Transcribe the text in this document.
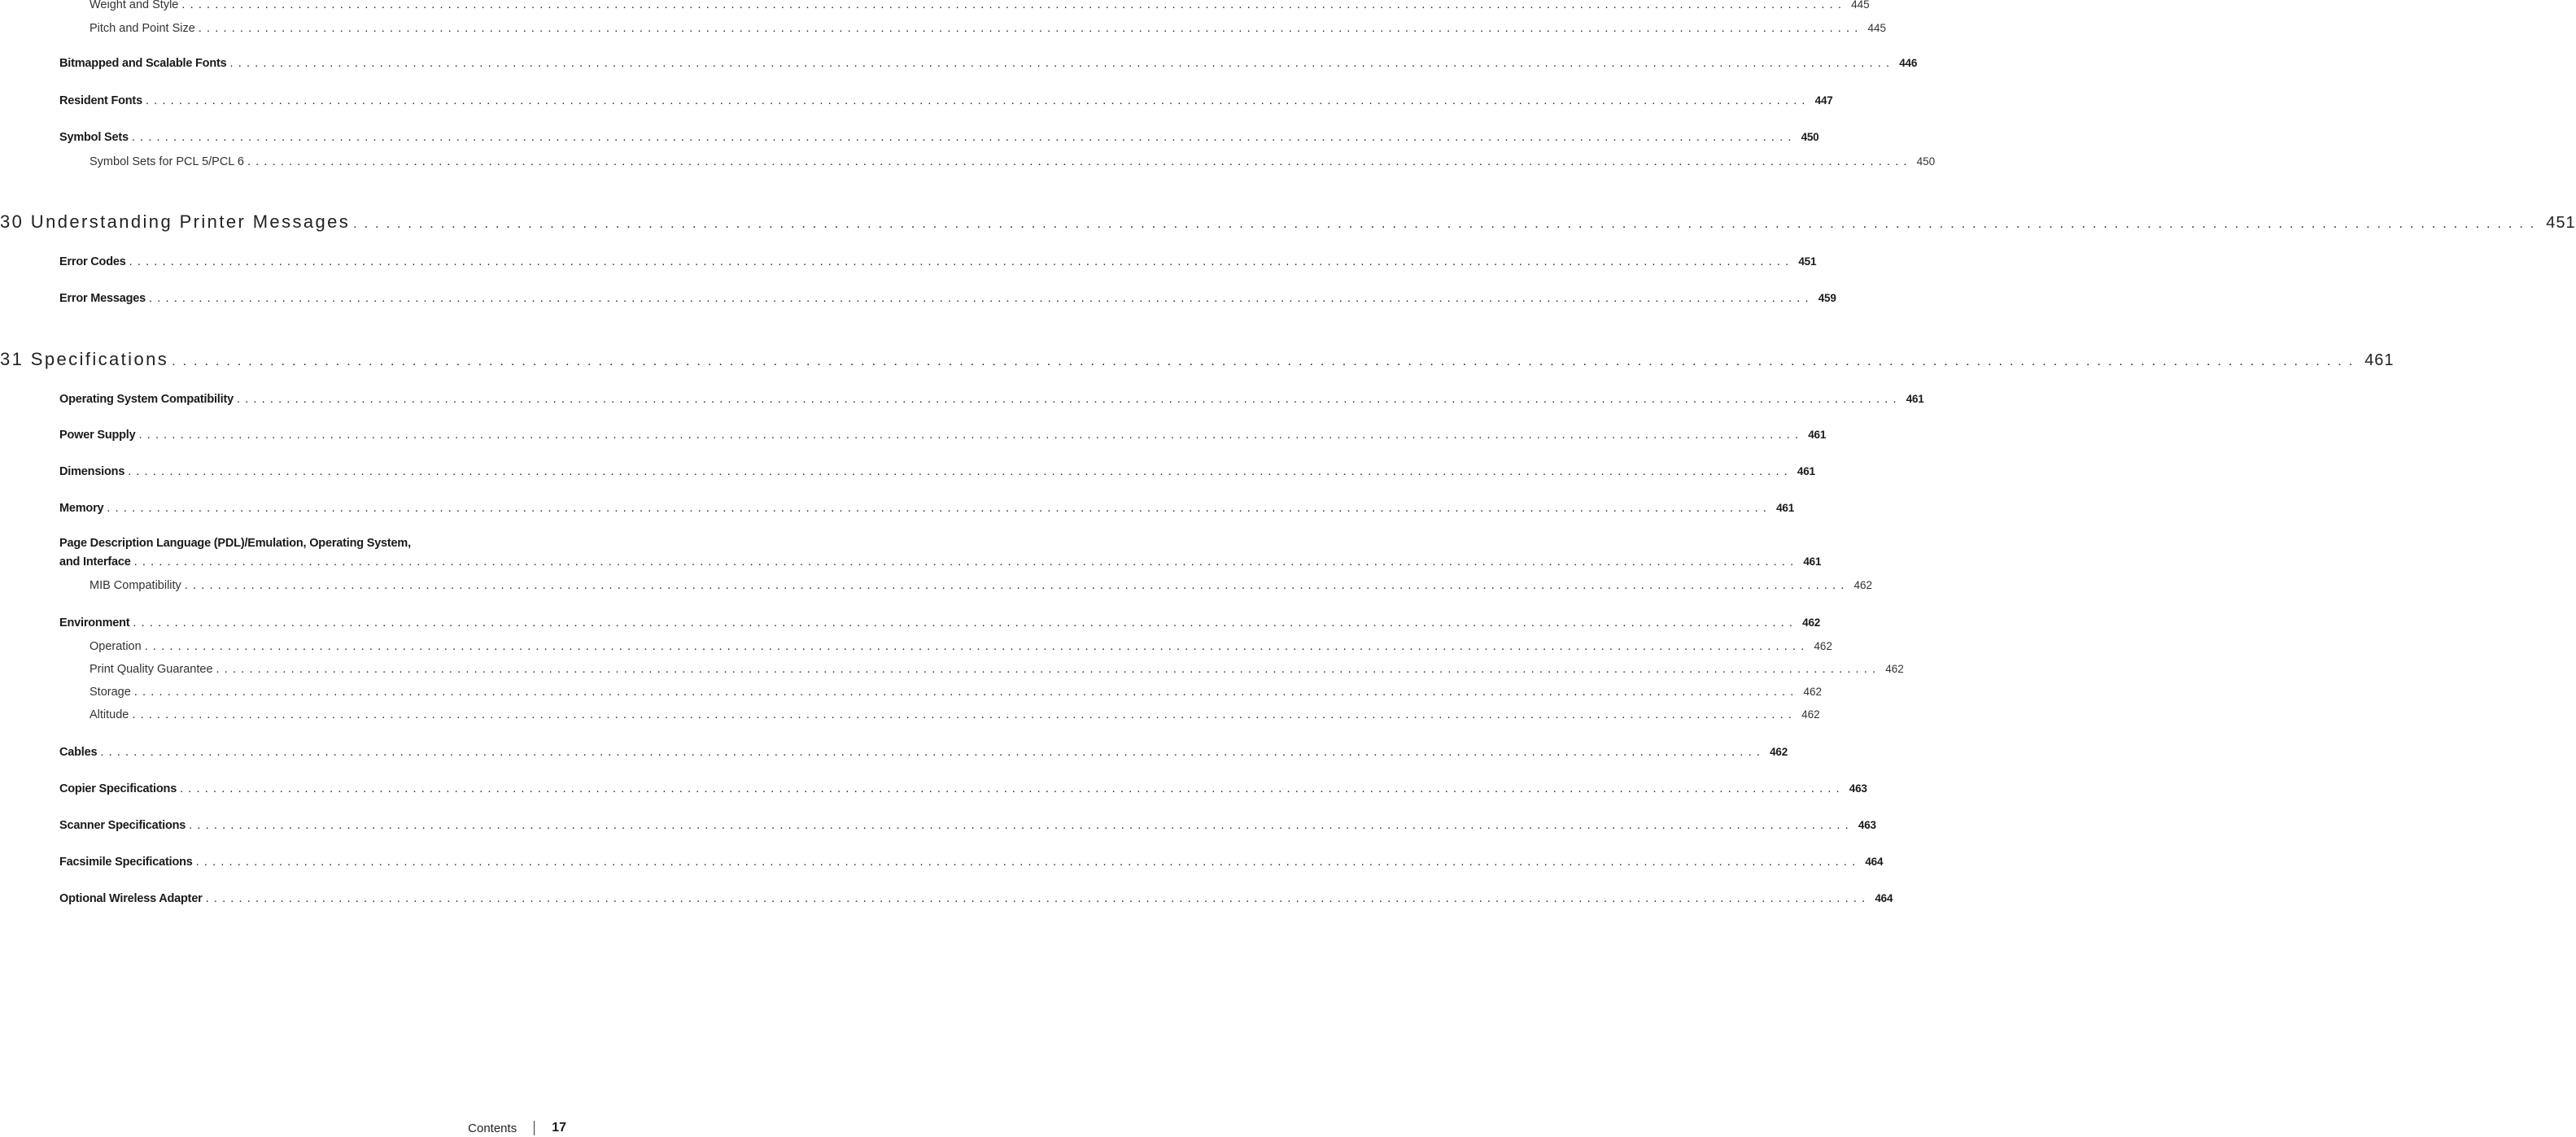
Weight and Style ........................................................................................................................................................................................................ 445
Pitch and Point Size ........................................................................................................................................................................................................ 445
Bitmapped and Scalable Fonts ........................................................................................................................................................................................................ 446
Resident Fonts ........................................................................................................................................................................................................ 447
Symbol Sets ........................................................................................................................................................................................................ 450
Symbol Sets for PCL 5/PCL 6 ........................................................................................................................................................................................................ 450
30 Understanding Printer Messages ........................................................................................................................................................................................................ 451
Error Codes ........................................................................................................................................................................................................ 451
Error Messages ........................................................................................................................................................................................................ 459
31 Specifications ........................................................................................................................................................................................................ 461
Operating System Compatibility ........................................................................................................................................................................................................ 461
Power Supply ........................................................................................................................................................................................................ 461
Dimensions ........................................................................................................................................................................................................ 461
Memory ........................................................................................................................................................................................................ 461
Page Description Language (PDL)/Emulation, Operating System,
and Interface ........................................................................................................................................................................................................ 461
MIB Compatibility ........................................................................................................................................................................................................ 462
Environment ........................................................................................................................................................................................................ 462
Operation ........................................................................................................................................................................................................ 462
Print Quality Guarantee ........................................................................................................................................................................................................ 462
Storage ........................................................................................................................................................................................................ 462
Altitude ........................................................................................................................................................................................................ 462
Cables ........................................................................................................................................................................................................ 462
Copier Specifications ........................................................................................................................................................................................................ 463
Scanner Specifications ........................................................................................................................................................................................................ 463
Facsimile Specifications ........................................................................................................................................................................................................ 464
Optional Wireless Adapter ........................................................................................................................................................................................................ 464
Contents	17
